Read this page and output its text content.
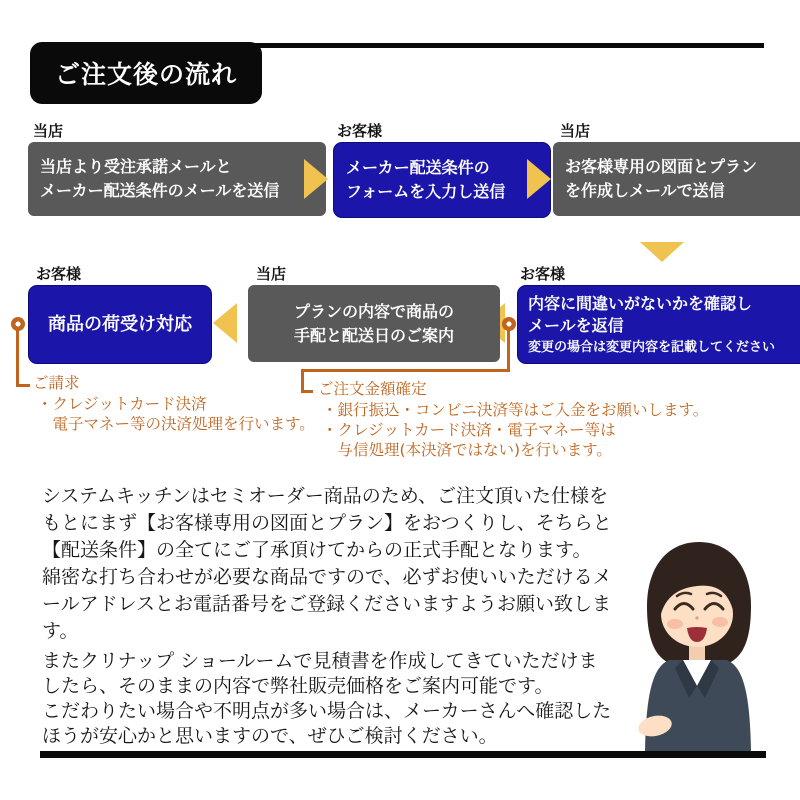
ご注文後の流れ
当店	お客様	当店
当店より受注承諾メールと
メーカー配送条件のメールを送信
メーカー配送条件の
フォームを入力し送信
お客様専用の図面とプラン
を作成しメールで送信
お客様	当店	お客様
内容に間違いがないかを確認し
メールを返信
変更の場合は変更内容を記載してください
プランの内容で商品の
手配と配送日のご案内
商品の荷受け対応
ご請求
・クレジットカード決済
　電子マネー等の決済処理を行います。
ご注文金額確定
・銀行振込・コンビニ決済等はご入金をお願いします。
・クレジットカード決済・電子マネー等は
　与信処理(本決済ではない)を行います。
システムキッチンはセミオーダー商品のため、ご注文頂いた仕様を
もとにまず【お客様専用の図面とプラン】をおつくりし、そちらと
【配送条件】の全てにご了承頂けてからの正式手配となります。
綿密な打ち合わせが必要な商品ですので、必ずお使いいただけるメ
ールアドレスとお電話番号をご登録くださいますようお願い致しま
す。
またクリナップ ショールームで見積書を作成してきていただけま
したら、そのままの内容で弊社販売価格をご案内可能です。
こだわりたい場合や不明点が多い場合は、メーカーさんへ確認した
ほうが安心かと思いますので、ぜひご検討ください。
